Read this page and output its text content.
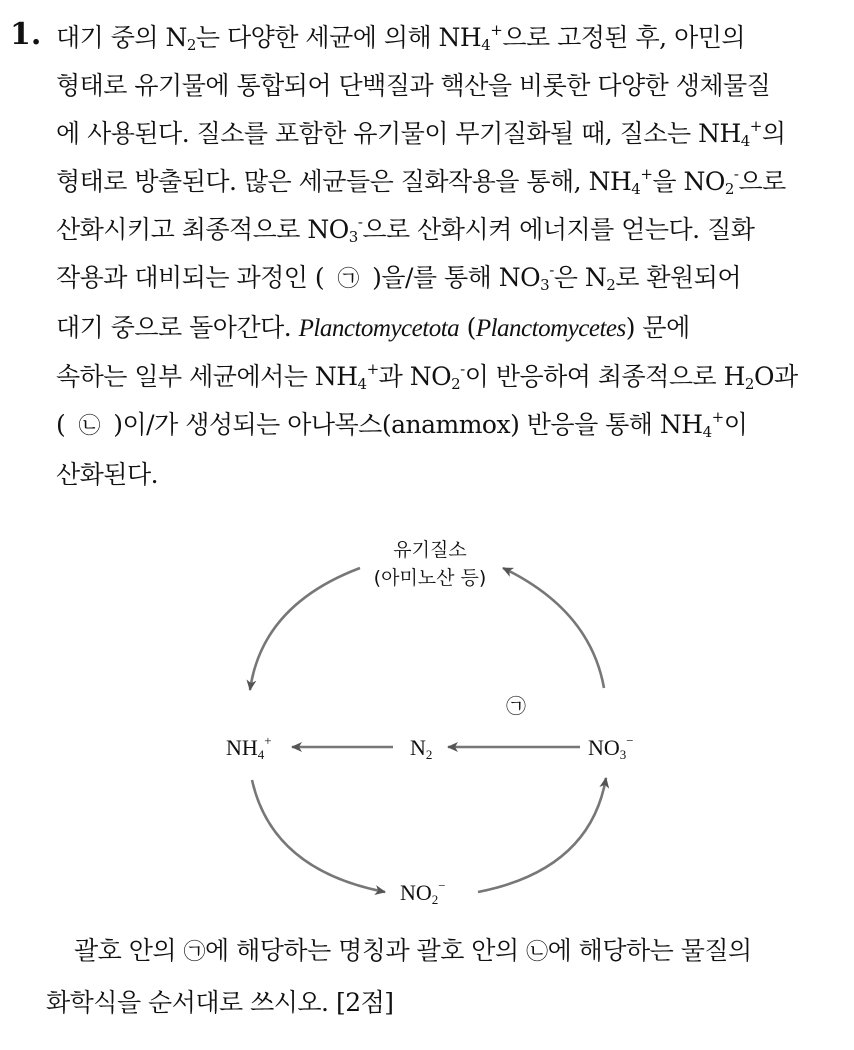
1. 대기 중의 $N_2$는 다양한 세균에 의해 $NH_4^+$으로 고정된 후, 아민의

형태로 유기물에 통합되어 단백질과 핵산을 비롯한 다양한 생체물질

에 사용된다. 질소를 포함한 유기물이 무기질화될 때, 질소는 $NH_4^+$의

형태로 방출된다. 많은 세균들은 질화작용을 통해, $NH_4^+$을 $NO_2^-$으로

산화시키고 최종적으로 $NO_3^-$으로 산화시켜 에너지를 얻는다. 질화

작용과 대비되는 과정인 ( ㉠ )을/를 통해 $NO_3^-$은 $N_2$로 환원되어

대기 중으로 돌아간다. Planctomycetota (Planctomycetes) 문에

속하는 일부 세균에서는 $NH_4^+$과 $NO_2^-$이 반응하여 최종적으로 $H_2O$과

( ㉡ )이/가 생성되는 아나목스(anammox) 반응을 통해 $NH_4^+$이

산화된다.

유기질소
(아미노산 등)
㉠
NH4+	N2	NO3−
NO2−

괄호 안의 ㉠에 해당하는 명칭과 괄호 안의 ㉡에 해당하는 물질의

화학식을 순서대로 쓰시오. [2점]
